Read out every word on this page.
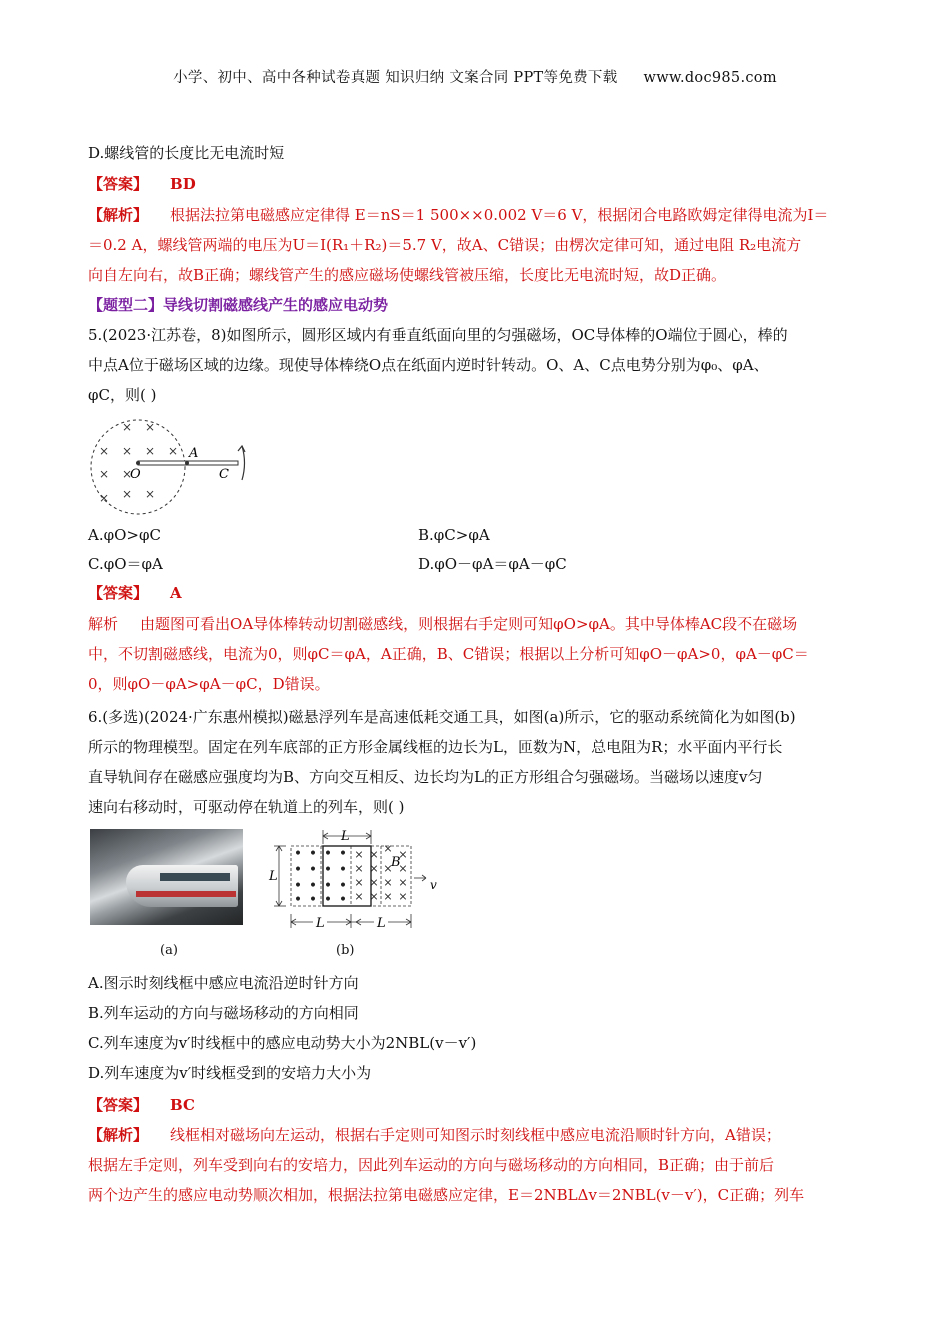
小学、初中、高中各种试卷真题 知识归纳 文案合同 PPT等免费下载 www.doc985.com
D.螺线管的长度比无电流时短
【答案】 BD
【解析】 根据法拉第电磁感应定律得 E＝nS＝1 500××0.002 V＝6 V，根据闭合电路欧姆定律得电流为I＝
＝0.2 A，螺线管两端的电压为U＝I(R₁＋R₂)＝5.7 V，故A、C错误；由楞次定律可知，通过电阻 R₂电流方
向自左向右，故B正确；螺线管产生的感应磁场使螺线管被压缩，长度比无电流时短，故D正确。
【题型二】导线切割磁感线产生的感应电动势
5.(2023·江苏卷，8)如图所示，圆形区域内有垂直纸面向里的匀强磁场，OC导体棒的O端位于圆心，棒的
中点A位于磁场区域的边缘。现使导体棒绕O点在纸面内逆时针转动。O、A、C点电势分别为φ₀、φA、
φC，则( )
× ×
× × × ×
× ×
× × ×
O
A
C
A.φO>φC	B.φC>φA
C.φO＝φA	D.φO－φA＝φA－φC
【答案】 A
解析 由题图可看出OA导体棒转动切割磁感线，则根据右手定则可知φO>φA。其中导体棒AC段不在磁场
中，不切割磁感线，电流为0，则φC＝φA，A正确，B、C错误；根据以上分析可知φO－φA>0，φA－φC＝
0，则φO－φA>φA－φC，D错误。
6.(多选)(2024·广东惠州模拟)磁悬浮列车是高速低耗交通工具，如图(a)所示，它的驱动系统简化为如图(b)
所示的物理模型。固定在列车底部的正方形金属线框的边长为L，匝数为N，总电阻为R；水平面内平行长
直导轨间存在磁感应强度均为B、方向交互相反、边长均为L的正方形组合匀强磁场。当磁场以速度v匀
速向右移动时，可驱动停在轨道上的列车，则( )
(a)
L
L
• •
• •
• •
• •
• •
• •
• •
• •
× ×
× ×
× ×
× ×
× ×
× ×
× ×
× ×
B
v
L	L
(b)
A.图示时刻线框中感应电流沿逆时针方向
B.列车运动的方向与磁场移动的方向相同
C.列车速度为v′时线框中的感应电动势大小为2NBL(v－v′)
D.列车速度为v′时线框受到的安培力大小为
【答案】 BC
【解析】 线框相对磁场向左运动，根据右手定则可知图示时刻线框中感应电流沿顺时针方向，A错误；
根据左手定则，列车受到向右的安培力，因此列车运动的方向与磁场移动的方向相同，B正确；由于前后
两个边产生的感应电动势顺次相加，根据法拉第电磁感应定律，E＝2NBLΔv＝2NBL(v－v′)，C正确；列车
